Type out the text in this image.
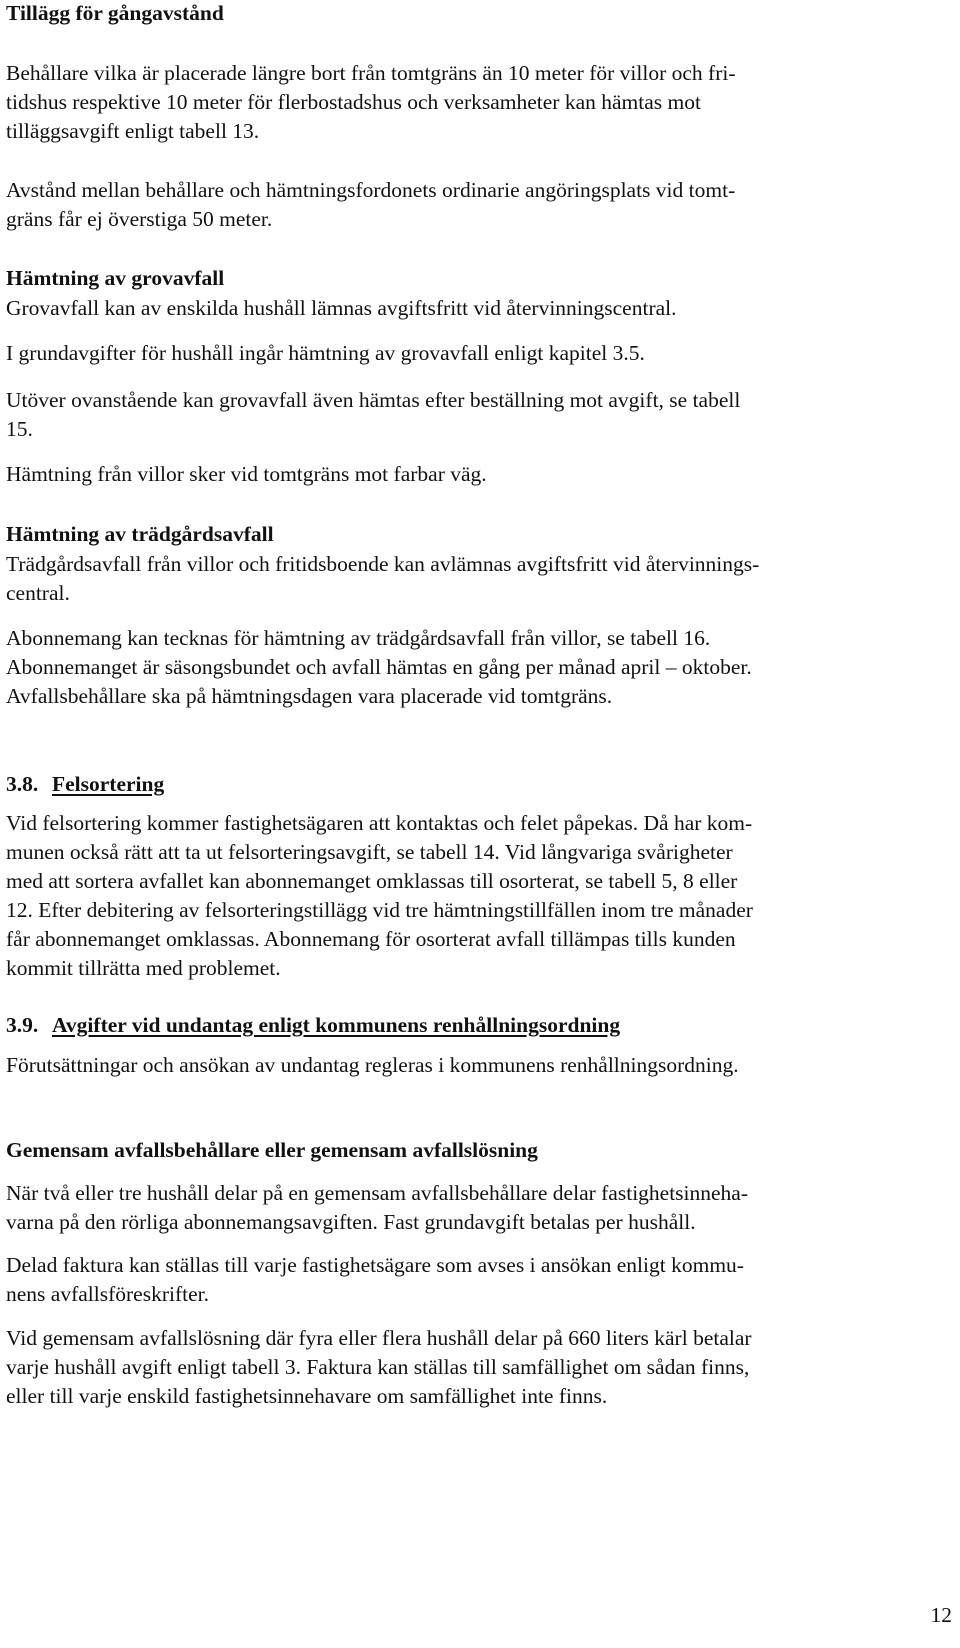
Tillägg för gångavstånd

Behållare vilka är placerade längre bort från tomtgräns än 10 meter för villor och fri-

tidshus respektive 10 meter för flerbostadshus och verksamheter kan hämtas mot

tilläggsavgift enligt tabell 13.

Avstånd mellan behållare och hämtningsfordonets ordinarie angöringsplats vid tomt-

gräns får ej överstiga 50 meter.

Hämtning av grovavfall

Grovavfall kan av enskilda hushåll lämnas avgiftsfritt vid återvinningscentral.

I grundavgifter för hushåll ingår hämtning av grovavfall enligt kapitel 3.5.

Utöver ovanstående kan grovavfall även hämtas efter beställning mot avgift, se tabell

15.

Hämtning från villor sker vid tomtgräns mot farbar väg.

Hämtning av trädgårdsavfall

Trädgårdsavfall från villor och fritidsboende kan avlämnas avgiftsfritt vid återvinnings-

central.

Abonnemang kan tecknas för hämtning av trädgårdsavfall från villor, se tabell 16.

Abonnemanget är säsongsbundet och avfall hämtas en gång per månad april – oktober.

Avfallsbehållare ska på hämtningsdagen vara placerade vid tomtgräns.

3.8. Felsortering

Vid felsortering kommer fastighetsägaren att kontaktas och felet påpekas. Då har kom-

munen också rätt att ta ut felsorteringsavgift, se tabell 14. Vid långvariga svårigheter

med att sortera avfallet kan abonnemanget omklassas till osorterat, se tabell 5, 8 eller

12. Efter debitering av felsorteringstillägg vid tre hämtningstillfällen inom tre månader

får abonnemanget omklassas. Abonnemang för osorterat avfall tillämpas tills kunden

kommit tillrätta med problemet.

3.9. Avgifter vid undantag enligt kommunens renhållningsordning

Förutsättningar och ansökan av undantag regleras i kommunens renhållningsordning.

Gemensam avfallsbehållare eller gemensam avfallslösning

När två eller tre hushåll delar på en gemensam avfallsbehållare delar fastighetsinneha-

varna på den rörliga abonnemangsavgiften. Fast grundavgift betalas per hushåll.

Delad faktura kan ställas till varje fastighetsägare som avses i ansökan enligt kommu-

nens avfallsföreskrifter.

Vid gemensam avfallslösning där fyra eller flera hushåll delar på 660 liters kärl betalar

varje hushåll avgift enligt tabell 3. Faktura kan ställas till samfällighet om sådan finns,

eller till varje enskild fastighetsinnehavare om samfällighet inte finns.

12
